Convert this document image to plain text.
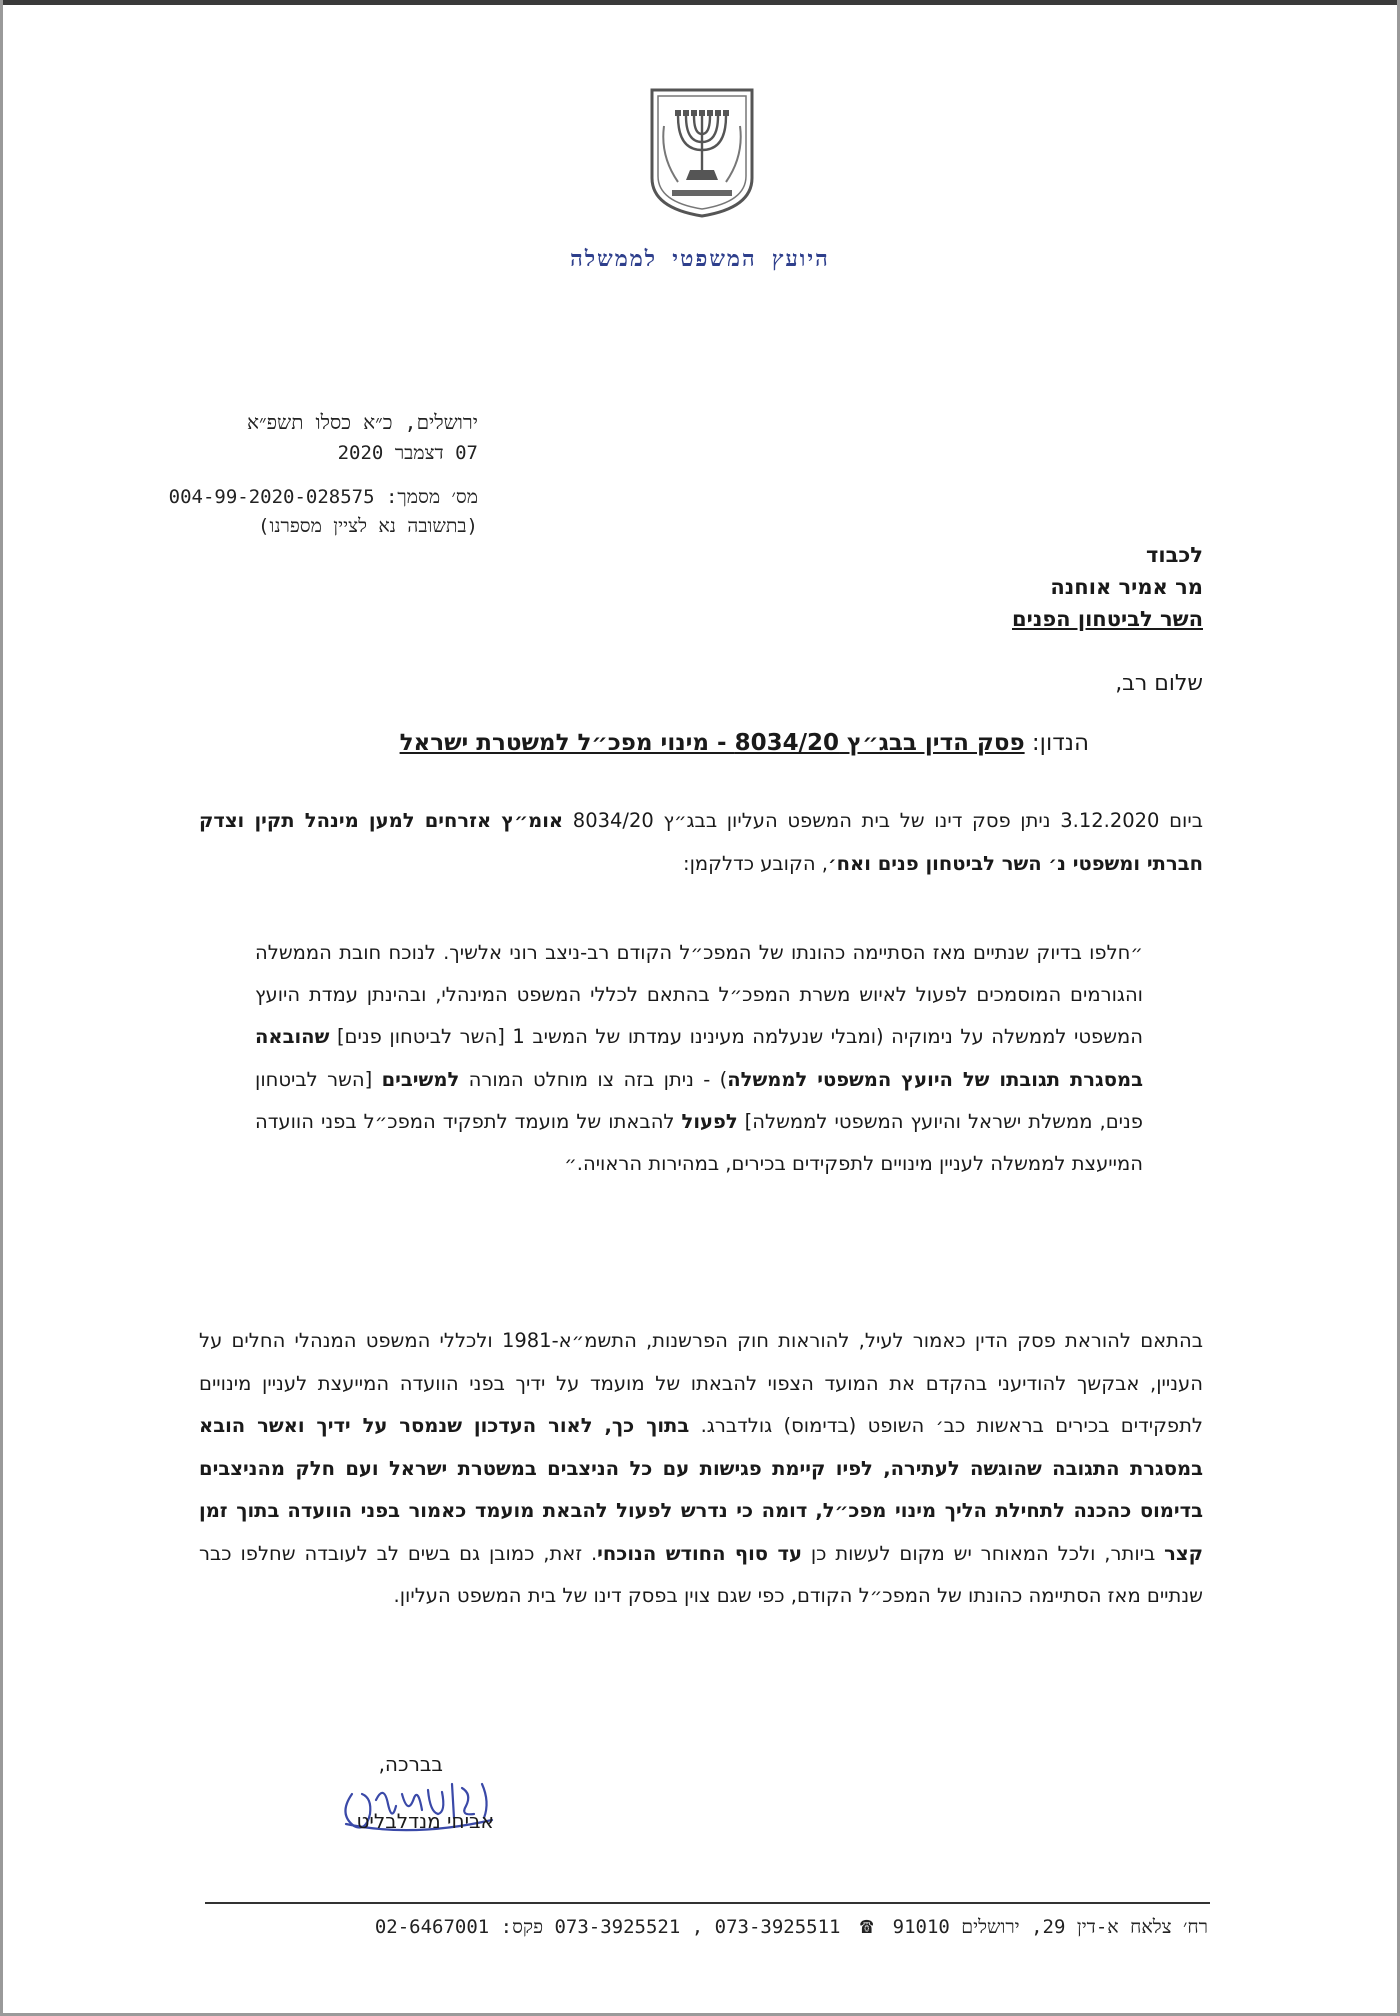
היועץ המשפטי לממשלה
ירושלים, כ״א כסלו תשפ״א
07 דצמבר 2020
מס׳ מסמך: 004-99-2020-028575
(בתשובה נא לציין מספרנו)
לכבוד
מר אמיר אוחנה
השר לביטחון הפנים
שלום רב,
הנדון: פסק הדין בבג״ץ 8034/20 - מינוי מפכ״ל למשטרת ישראל
ביום 3.12.2020 ניתן פסק דינו של בית המשפט העליון בבג״ץ 8034/20 אומ״ץ אזרחים למען מינהל תקין וצדק חברתי ומשפטי נ׳ השר לביטחון פנים ואח׳, הקובע כדלקמן:
״חלפו בדיוק שנתיים מאז הסתיימה כהונתו של המפכ״ל הקודם רב-ניצב רוני אלשיך. לנוכח חובת הממשלה והגורמים המוסמכים לפעול לאיוש משרת המפכ״ל בהתאם לכללי המשפט המינהלי, ובהינתן עמדת היועץ המשפטי לממשלה על נימוקיה (ומבלי שנעלמה מעינינו עמדתו של המשיב 1 [השר לביטחון פנים] שהובאה במסגרת תגובתו של היועץ המשפטי לממשלה) - ניתן בזה צו מוחלט המורה למשיבים [השר לביטחון פנים, ממשלת ישראל והיועץ המשפטי לממשלה] לפעול להבאתו של מועמד לתפקיד המפכ״ל בפני הוועדה המייעצת לממשלה לעניין מינויים לתפקידים בכירים, במהירות הראויה.״
בהתאם להוראת פסק הדין כאמור לעיל, להוראות חוק הפרשנות, התשמ״א-1981 ולכללי המשפט המנהלי החלים על העניין, אבקשך להודיעני בהקדם את המועד הצפוי להבאתו של מועמד על ידיך בפני הוועדה המייעצת לעניין מינויים לתפקידים בכירים בראשות כב׳ השופט (בדימוס) גולדברג. בתוך כך, לאור העדכון שנמסר על ידיך ואשר הובא במסגרת התגובה שהוגשה לעתירה, לפיו קיימת פגישות עם כל הניצבים במשטרת ישראל ועם חלק מהניצבים בדימוס כהכנה לתחילת הליך מינוי מפכ״ל, דומה כי נדרש לפעול להבאת מועמד כאמור בפני הוועדה בתוך זמן קצר ביותר, ולכל המאוחר יש מקום לעשות כן עד סוף החודש הנוכחי. זאת, כמובן גם בשים לב לעובדה שחלפו כבר שנתיים מאז הסתיימה כהונתו של המפכ״ל הקודם, כפי שגם צוין בפסק דינו של בית המשפט העליון.
בברכה,
אביחי מנדלבליט
רח׳ צלאח א-דין 29, ירושלים 91010 ☎ 073-3925511 , 073-3925521 פקס: 02-6467001
